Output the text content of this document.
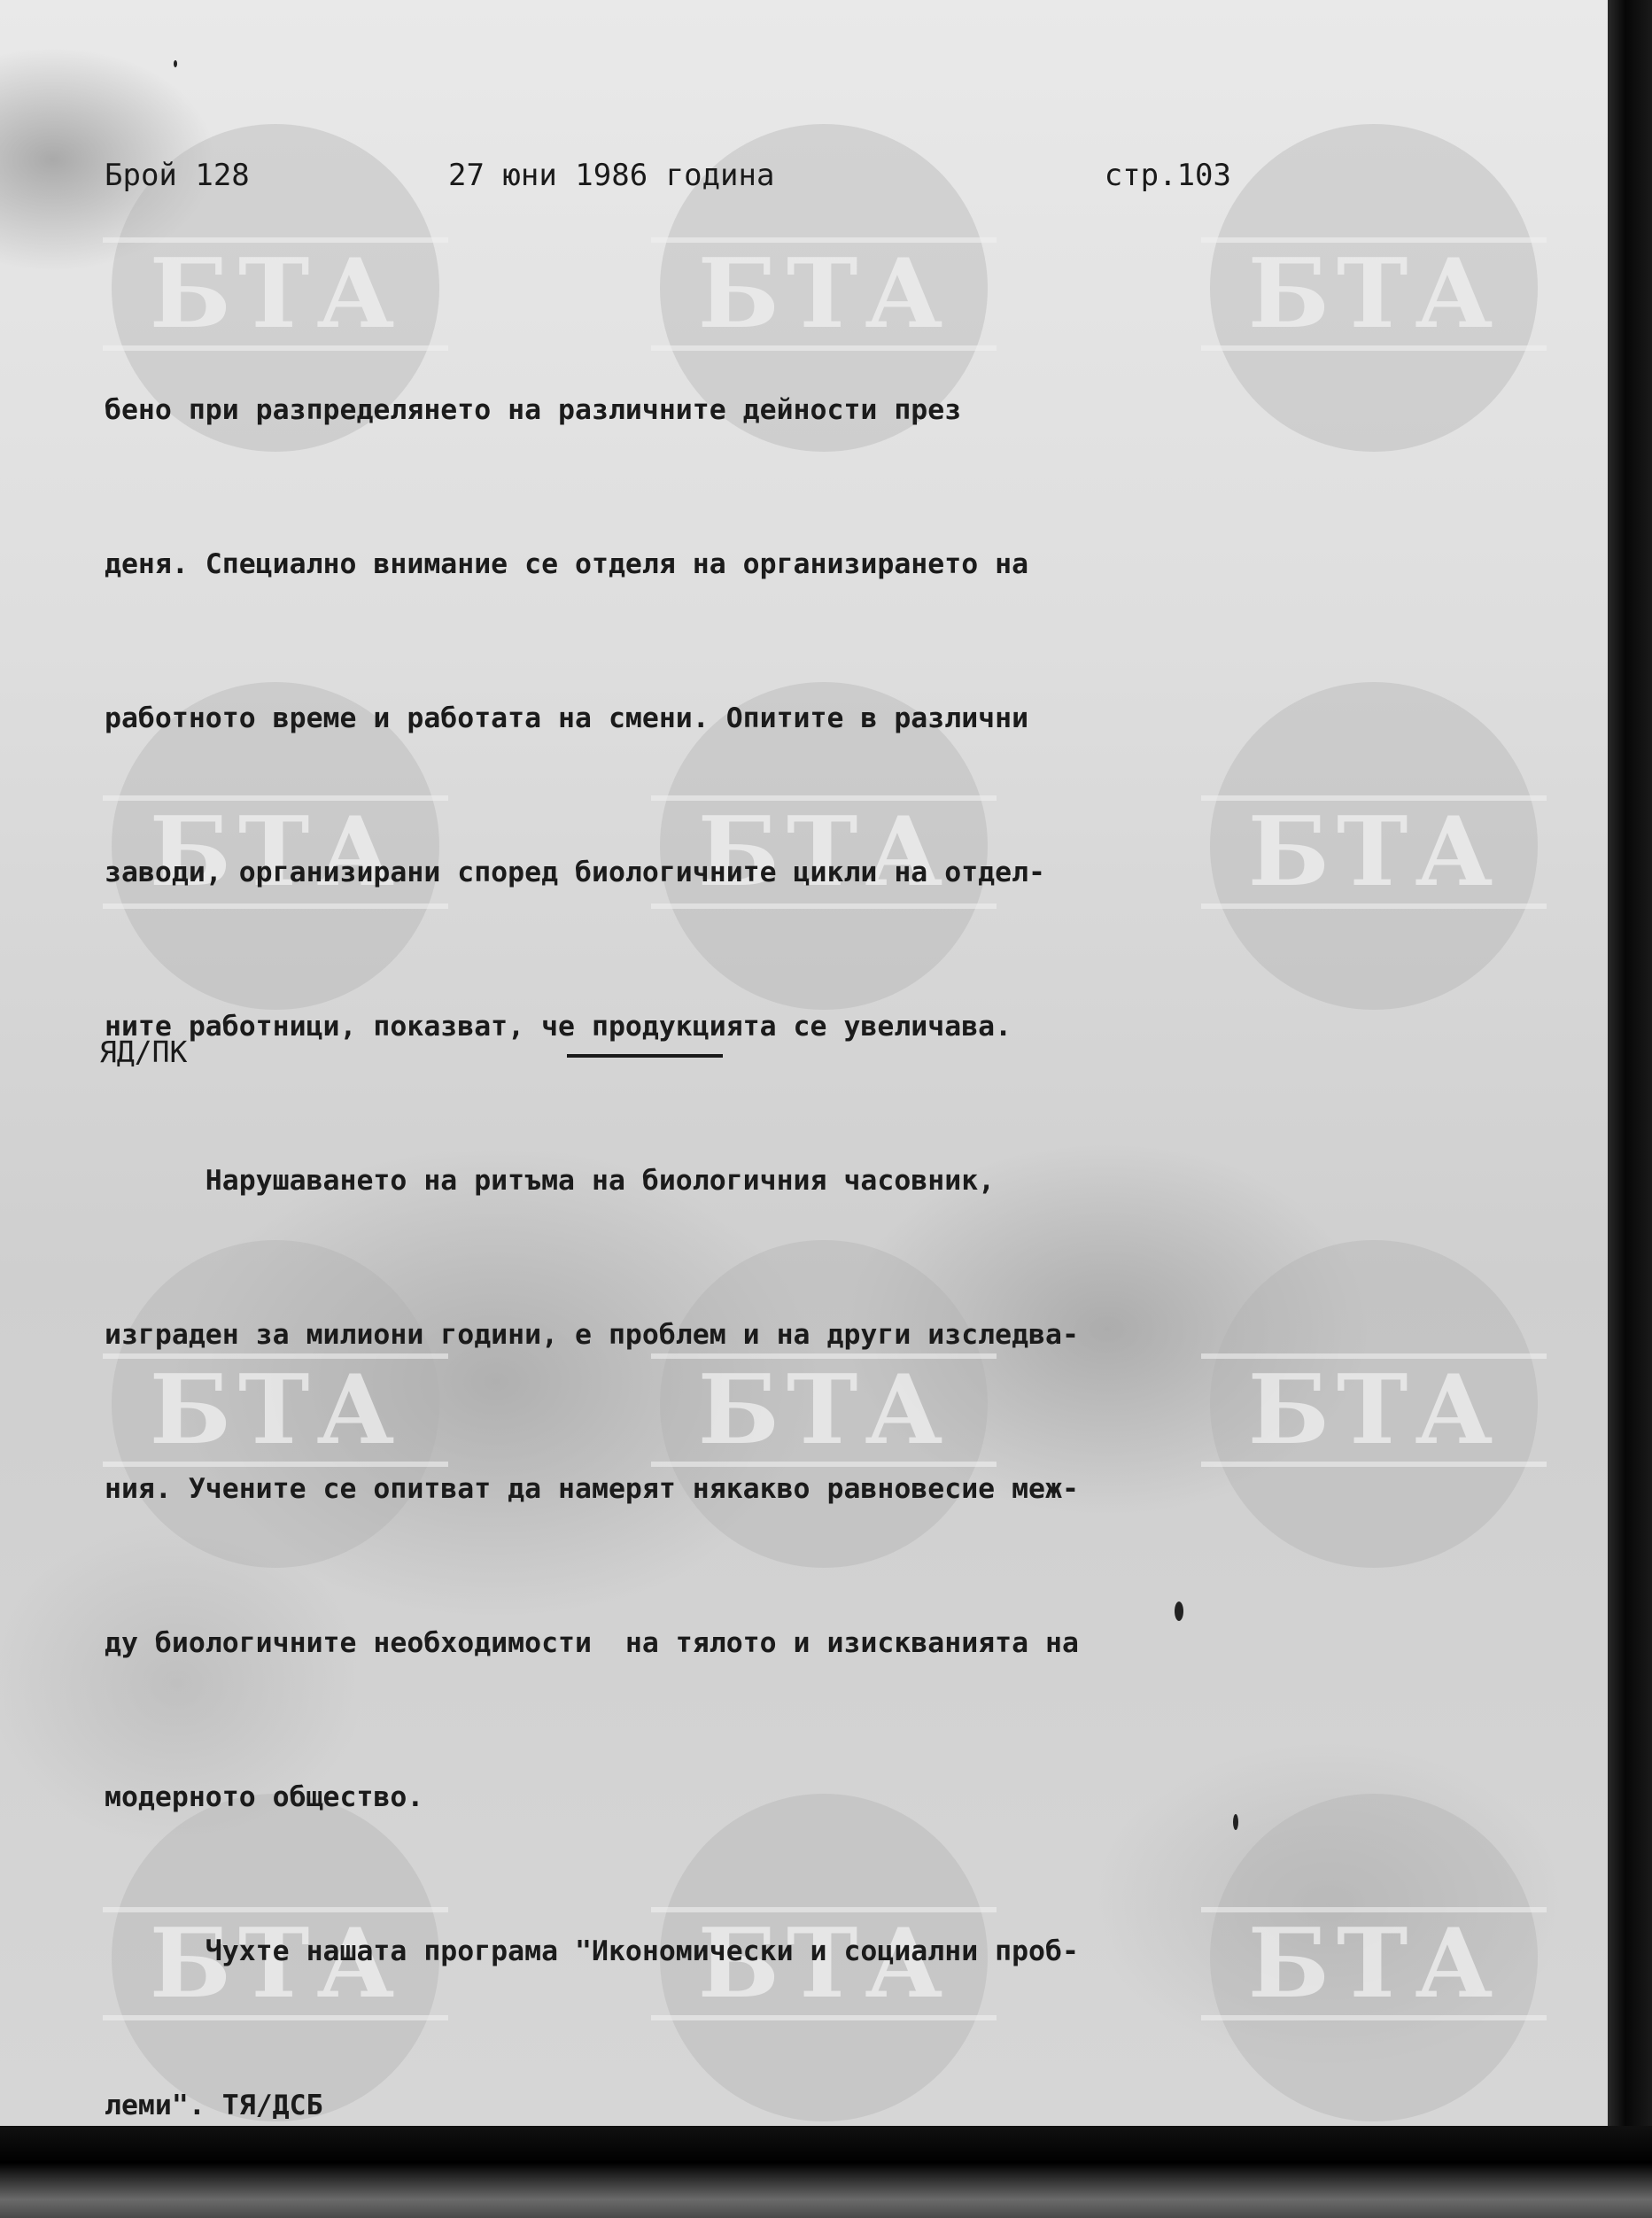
БТА	БТА	БТА
БТА	БТА	БТА
БТА	БТА	БТА
БТА	БТА	БТА
Брой 128	27 юни 1986 година	стр.103

бено при разпределянето на различните дейности през

деня. Специално внимание се отделя на организирането на

работното време и работата на смени. Опитите в различни

заводи, организирани според биологичните цикли на отдел-

ните работници, показват, че продукцията се увеличава.

Нарушаването на ритъма на биологичния часовник,

изграден за милиони години, е проблем и на други изследва-

ния. Учените се опитват да намерят някакво равновесие меж-

ду биологичните необходимости  на тялото и изискванията на

модерното общество.

Чухте нашата програма "Икономически и социални проб-

леми". ТЯ/ДСБ

ЯД/ПК
